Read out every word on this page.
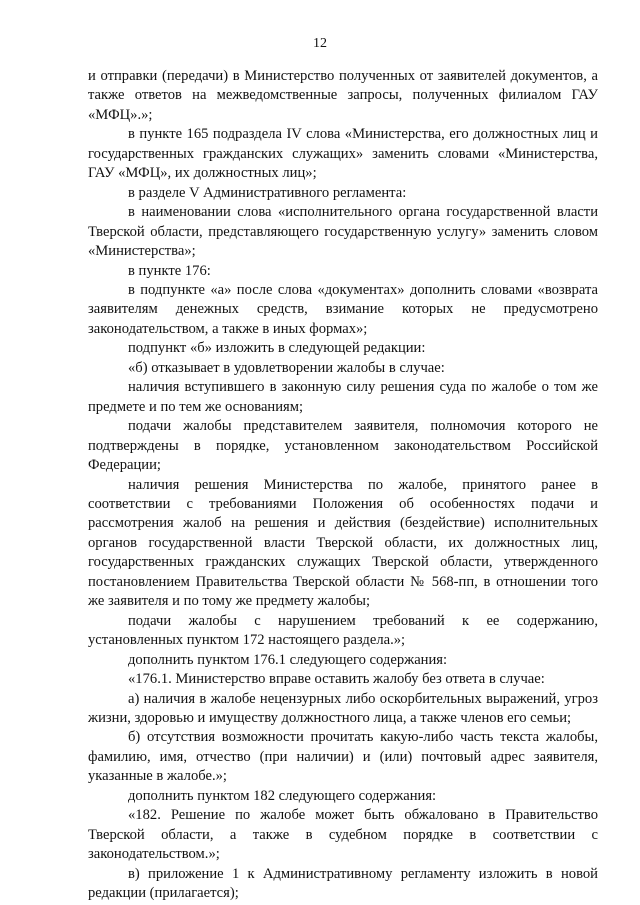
12

и отправки (передачи) в Министерство полученных от заявителей документов, а также ответов на межведомственные запросы, полученных филиалом ГАУ «МФЦ».»;

в пункте 165 подраздела IV слова «Министерства, его должностных лиц и государственных гражданских служащих» заменить словами «Министерства, ГАУ «МФЦ», их должностных лиц»;

в разделе V Административного регламента:

в наименовании слова «исполнительного органа государственной власти Тверской области, представляющего государственную услугу» заменить словом «Министерства»;

в пункте 176:

в подпункте «а» после слова «документах» дополнить словами «возврата заявителям денежных средств, взимание которых не предусмотрено законодательством, а также в иных формах»;

подпункт «б» изложить в следующей редакции:

«б) отказывает в удовлетворении жалобы в случае:

наличия вступившего в законную силу решения суда по жалобе о том же предмете и по тем же основаниям;

подачи жалобы представителем заявителя, полномочия которого не подтверждены в порядке, установленном законодательством Российской Федерации;

наличия решения Министерства по жалобе, принятого ранее в соответствии с требованиями Положения об особенностях подачи и рассмотрения жалоб на решения и действия (бездействие) исполнительных органов государственной власти Тверской области, их должностных лиц, государственных гражданских служащих Тверской области, утвержденного постановлением Правительства Тверской области № 568-пп, в отношении того же заявителя и по тому же предмету жалобы;

подачи жалобы с нарушением требований к ее содержанию, установленных пунктом 172 настоящего раздела.»;

дополнить пунктом 176.1 следующего содержания:

«176.1. Министерство вправе оставить жалобу без ответа в случае:

а) наличия в жалобе нецензурных либо оскорбительных выражений, угроз жизни, здоровью и имуществу должностного лица, а также членов его семьи;

б) отсутствия возможности прочитать какую-либо часть текста жалобы, фамилию, имя, отчество (при наличии) и (или) почтовый адрес заявителя, указанные в жалобе.»;

дополнить пунктом 182 следующего содержания:

«182. Решение по жалобе может быть обжаловано в Правительство Тверской области, а также в судебном порядке в соответствии с законодательством.»;

в) приложение 1 к Административному регламенту изложить в новой редакции (прилагается);
